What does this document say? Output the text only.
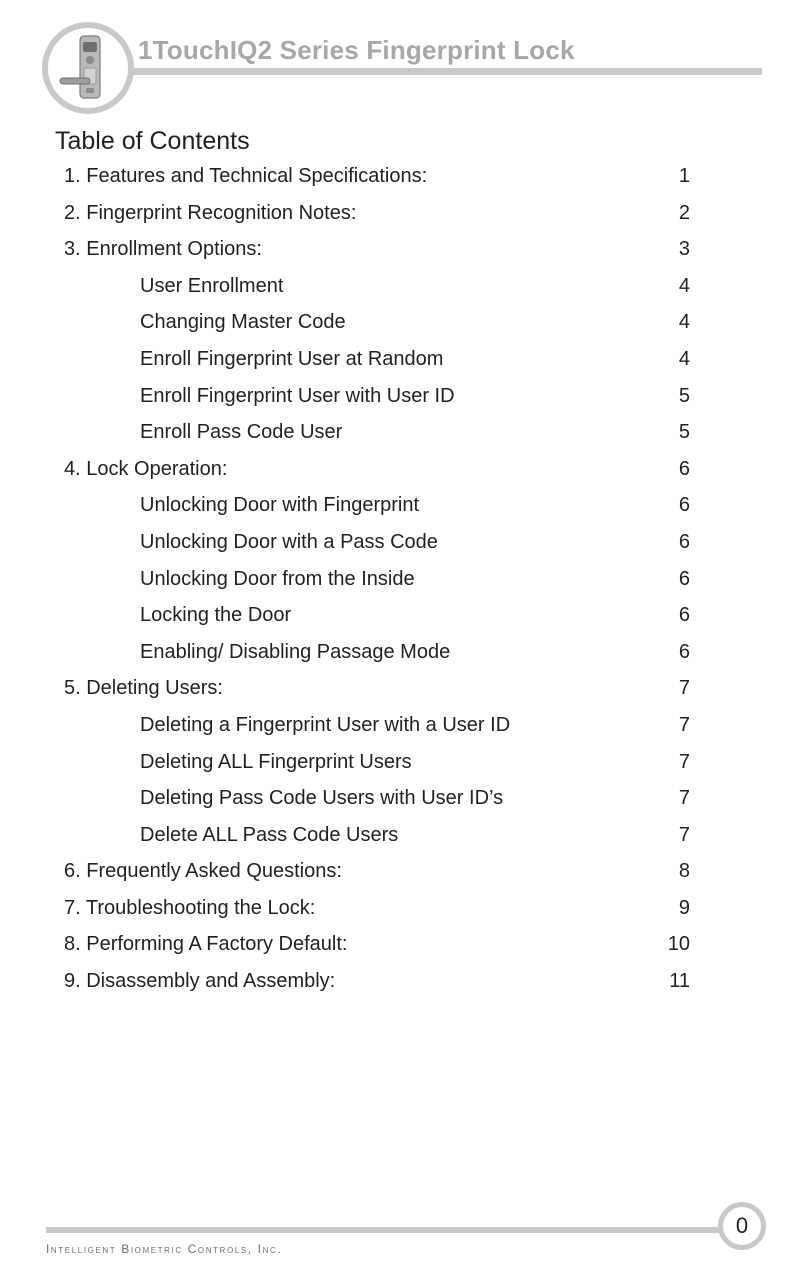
1TouchIQ2 Series Fingerprint Lock
Table of Contents
1. Features and Technical Specifications:	1
2. Fingerprint Recognition Notes:	2
3. Enrollment Options:	3
User Enrollment	4
Changing Master Code	4
Enroll Fingerprint User at Random	4
Enroll Fingerprint User with User ID	5
Enroll Pass Code User	5
4. Lock Operation:	6
Unlocking Door with Fingerprint	6
Unlocking Door with a Pass Code	6
Unlocking Door from the Inside	6
Locking the Door	6
Enabling/ Disabling Passage Mode	6
5. Deleting Users:	7
Deleting a Fingerprint User with a User ID	7
Deleting ALL Fingerprint Users	7
Deleting Pass Code Users with User ID’s	7
Delete ALL Pass Code Users	7
6. Frequently Asked Questions:	8
7. Troubleshooting the Lock:	9
8. Performing A Factory Default:	10
9. Disassembly and Assembly:	11
0
Intelligent Biometric Controls, Inc.
